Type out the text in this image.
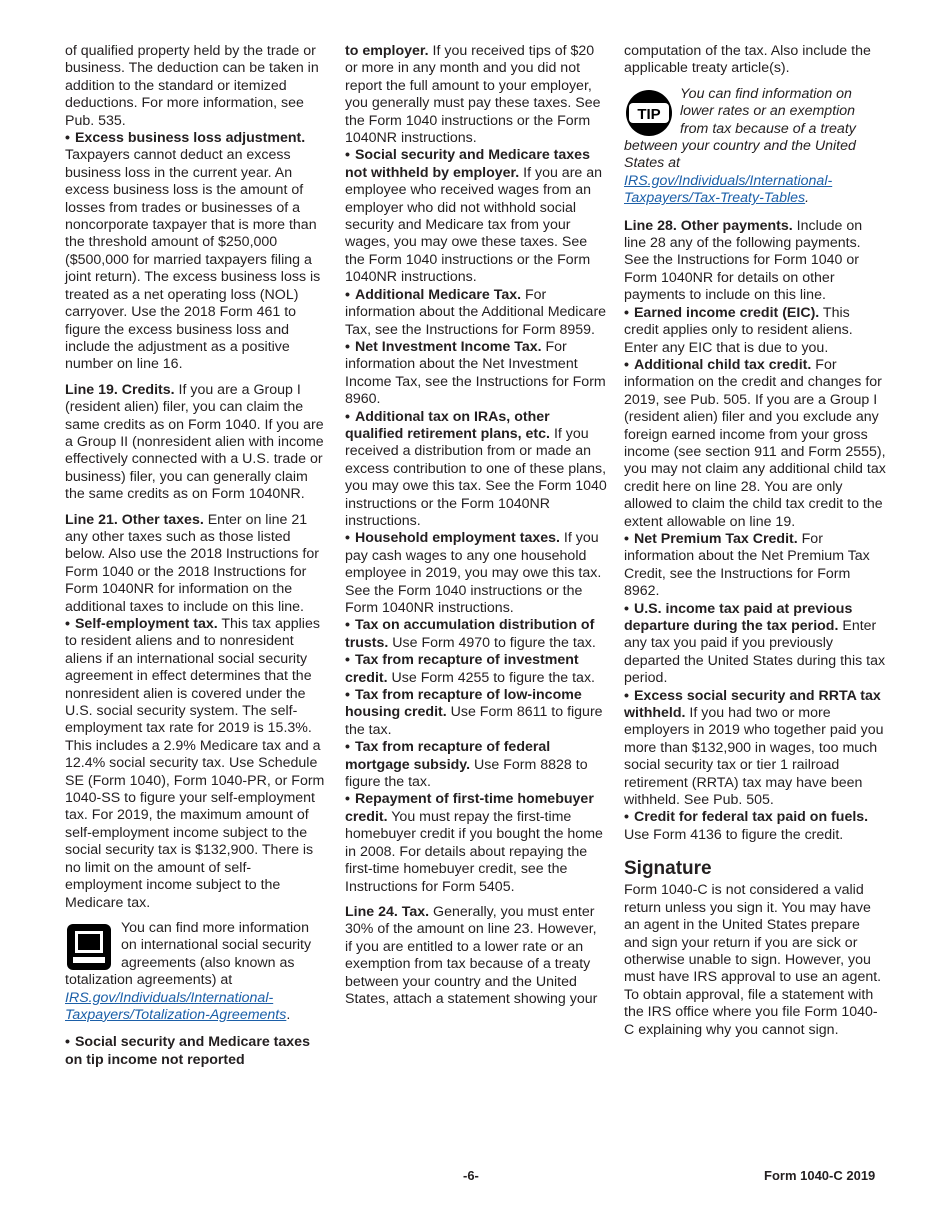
of qualified property held by the trade or business. The deduction can be taken in addition to the standard or itemized deductions. For more information, see Pub. 535.

• Excess business loss adjustment. Taxpayers cannot deduct an excess business loss in the current year. An excess business loss is the amount of losses from trades or businesses of a noncorporate taxpayer that is more than the threshold amount of $250,000 ($500,000 for married taxpayers filing a joint return). The excess business loss is treated as a net operating loss (NOL) carryover. Use the 2018 Form 461 to figure the excess business loss and include the adjustment as a positive number on line 16.

Line 19. Credits. If you are a Group I (resident alien) filer, you can claim the same credits as on Form 1040. If you are a Group II (nonresident alien with income effectively connected with a U.S. trade or business) filer, you can generally claim the same credits as on Form 1040NR.

Line 21. Other taxes. Enter on line 21 any other taxes such as those listed below. Also use the 2018 Instructions for Form 1040 or the 2018 Instructions for Form 1040NR for information on the additional taxes to include on this line.

• Self-employment tax. This tax applies to resident aliens and to nonresident aliens if an international social security agreement in effect determines that the nonresident alien is covered under the U.S. social security system. The self-employment tax rate for 2019 is 15.3%. This includes a 2.9% Medicare tax and a 12.4% social security tax. Use Schedule SE (Form 1040), Form 1040-PR, or Form 1040-SS to figure your self-employment tax. For 2019, the maximum amount of self-employment income subject to the social security tax is $132,900. There is no limit on the amount of self-employment income subject to the Medicare tax.

You can find more information on international social security agreements (also known as totalization agreements) at IRS.gov/Individuals/International-Taxpayers/Totalization-Agreements.

• Social security and Medicare taxes on tip income not reported

to employer. If you received tips of $20 or more in any month and you did not report the full amount to your employer, you generally must pay these taxes. See the Form 1040 instructions or the Form 1040NR instructions.

• Social security and Medicare taxes not withheld by employer. If you are an employee who received wages from an employer who did not withhold social security and Medicare tax from your wages, you may owe these taxes. See the Form 1040 instructions or the Form 1040NR instructions.

• Additional Medicare Tax. For information about the Additional Medicare Tax, see the Instructions for Form 8959.

• Net Investment Income Tax. For information about the Net Investment Income Tax, see the Instructions for Form 8960.

• Additional tax on IRAs, other qualified retirement plans, etc. If you received a distribution from or made an excess contribution to one of these plans, you may owe this tax. See the Form 1040 instructions or the Form 1040NR instructions.

• Household employment taxes. If you pay cash wages to any one household employee in 2019, you may owe this tax. See the Form 1040 instructions or the Form 1040NR instructions.

• Tax on accumulation distribution of trusts. Use Form 4970 to figure the tax.

• Tax from recapture of investment credit. Use Form 4255 to figure the tax.

• Tax from recapture of low-income housing credit. Use Form 8611 to figure the tax.

• Tax from recapture of federal mortgage subsidy. Use Form 8828 to figure the tax.

• Repayment of first-time homebuyer credit. You must repay the first-time homebuyer credit if you bought the home in 2008. For details about repaying the first-time homebuyer credit, see the Instructions for Form 5405.

Line 24. Tax. Generally, you must enter 30% of the amount on line 23. However, if you are entitled to a lower rate or an exemption from tax because of a treaty between your country and the United States, attach a statement showing your

computation of the tax. Also include the applicable treaty article(s).

TIP
You can find information on lower rates or an exemption from tax because of a treaty between your country and the United States at IRS.gov/Individuals/International-Taxpayers/Tax-Treaty-Tables.

Line 28. Other payments. Include on line 28 any of the following payments. See the Instructions for Form 1040 or Form 1040NR for details on other payments to include on this line.

• Earned income credit (EIC). This credit applies only to resident aliens. Enter any EIC that is due to you.

• Additional child tax credit. For information on the credit and changes for 2019, see Pub. 505. If you are a Group I (resident alien) filer and you exclude any foreign earned income from your gross income (see section 911 and Form 2555), you may not claim any additional child tax credit here on line 28. You are only allowed to claim the child tax credit to the extent allowable on line 19.

• Net Premium Tax Credit. For information about the Net Premium Tax Credit, see the Instructions for Form 8962.

• U.S. income tax paid at previous departure during the tax period. Enter any tax you paid if you previously departed the United States during this tax period.

• Excess social security and RRTA tax withheld. If you had two or more employers in 2019 who together paid you more than $132,900 in wages, too much social security tax or tier 1 railroad retirement (RRTA) tax may have been withheld. See Pub. 505.

• Credit for federal tax paid on fuels. Use Form 4136 to figure the credit.

Signature

Form 1040-C is not considered a valid return unless you sign it. You may have an agent in the United States prepare and sign your return if you are sick or otherwise unable to sign. However, you must have IRS approval to use an agent. To obtain approval, file a statement with the IRS office where you file Form 1040-C explaining why you cannot sign.

-6-	Form 1040-C 2019
